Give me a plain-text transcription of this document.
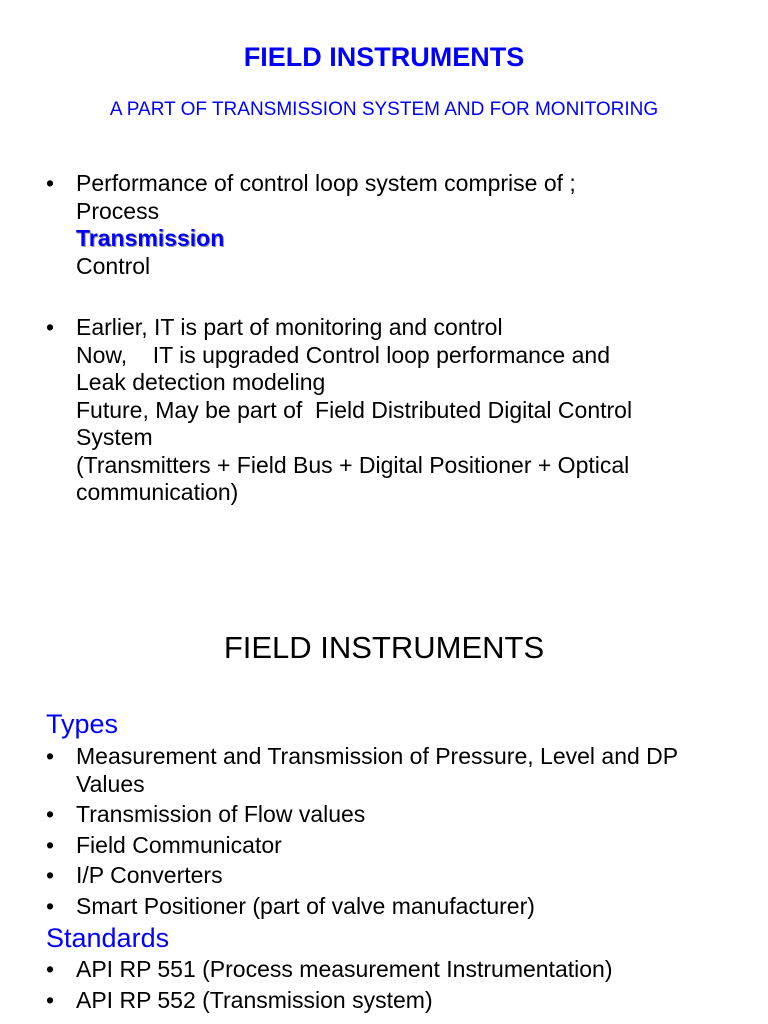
FIELD INSTRUMENTS
A PART OF TRANSMISSION SYSTEM AND FOR MONITORING
• Performance of control loop system comprise of ;
Process
Transmission
Control
• Earlier, IT is part of monitoring and control
Now,    IT is upgraded Control loop performance and
Leak detection modeling
Future, May be part of  Field Distributed Digital Control
System
(Transmitters + Field Bus + Digital Positioner + Optical
communication)
FIELD INSTRUMENTS
Types
• Measurement and Transmission of Pressure, Level and DP Values
• Transmission of Flow values
• Field Communicator
• I/P Converters
• Smart Positioner (part of valve manufacturer)
Standards
• API RP 551 (Process measurement Instrumentation)
• API RP 552 (Transmission system)
